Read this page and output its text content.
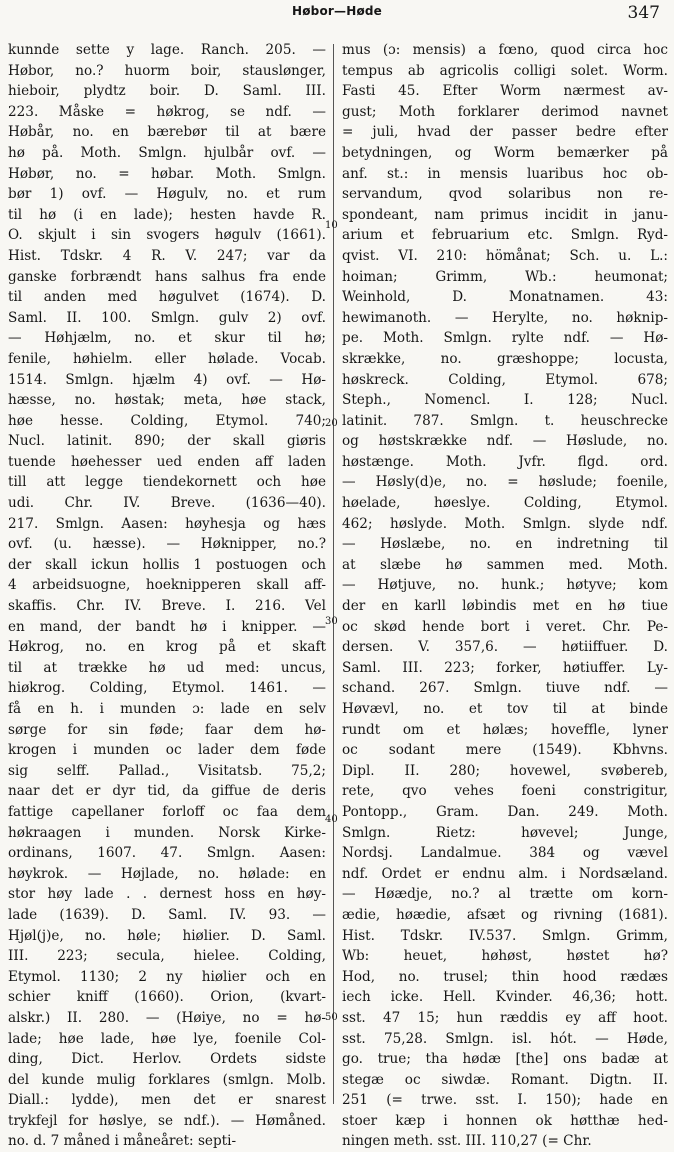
Høbor—Høde	347
kunnde sette y lage. Ranch. 205. —
Høbor, no.? huorm boir, stauslønger,
hieboir, plydtz boir. D. Saml. III.
223. Måske = høkrog, se ndf. —
Høbår, no. en bærebør til at bære
hø på. Moth. Smlgn. hjulbår ovf. —
Høbør, no. = høbar. Moth. Smlgn.
bør 1) ovf. — Høgulv, no. et rum
til hø (i en lade); hesten havde R.
O. skjult i sin svogers høgulv (1661).
Hist. Tdskr. 4 R. V. 247; var da
ganske forbrændt hans salhus fra ende
til anden med høgulvet (1674). D.
Saml. II. 100. Smlgn. gulv 2) ovf.
— Høhjælm, no. et skur til hø;
fenile, høhielm. eller hølade. Vocab.
1514. Smlgn. hjælm 4) ovf. — Hø-
hæsse, no. høstak; meta, høe stack,
høe hesse. Colding, Etymol. 740;
Nucl. latinit. 890; der skall giøris
tuende høehesser ued enden aff laden
till att legge tiendekornett och høe
udi. Chr. IV. Breve. (1636—40).
217. Smlgn. Aasen: høyhesja og hæs
ovf. (u. hæsse). — Høknipper, no.?
der skall ickun hollis 1 postuogen och
4 arbeidsuogne, hoeknipperen skall aff-
skaffis. Chr. IV. Breve. I. 216. Vel
en mand, der bandt hø i knipper. —
Høkrog, no. en krog på et skaft
til at trække hø ud med: uncus,
hiøkrog. Colding, Etymol. 1461. —
få en h. i munden ɔ: lade en selv
sørge for sin føde; faar dem hø-
krogen i munden oc lader dem føde
sig selff. Pallad., Visitatsb. 75,2;
naar det er dyr tid, da giffue de deris
fattige capellaner forloff oc faa dem
høkraagen i munden. Norsk Kirke-
ordinans, 1607. 47. Smlgn. Aasen:
høykrok. — Højlade, no. hølade: en
stor høy lade . . dernest hoss en høy-
lade (1639). D. Saml. IV. 93. —
Hjøl(j)e, no. høle; hiølier. D. Saml.
III. 223; secula, hielee. Colding,
Etymol. 1130; 2 ny hiølier och en
schier kniff (1660). Orion, (kvart-
alskr.) II. 280. — (Høiye, no = hø-
lade; høe lade, høe lye, foenile Col-
ding, Dict. Herlov. Ordets sidste
del kunde mulig forklares (smlgn. Molb.
Diall.: lydde), men det er snarest
trykfejl for høslye, se ndf.). — Hømåned.
no. d. 7 måned i måneåret: septi-
mus (ɔ: mensis) a fœno, quod circa hoc
tempus ab agricolis colligi solet. Worm.
Fasti 45. Efter Worm nærmest av-
gust; Moth forklarer derimod navnet
= juli, hvad der passer bedre efter
betydningen, og Worm bemærker på
anf. st.: in mensis luaribus hoc ob-
servandum, qvod solaribus non re-
spondeant, nam primus incidit in janu-
arium et februarium etc. Smlgn. Ryd-
qvist. VI. 210: hömånat; Sch. u. L.:
hoiman; Grimm, Wb.: heumonat;
Weinhold, D. Monatnamen. 43:
hewimanoth. — Herylte, no. høknip-
pe. Moth. Smlgn. rylte ndf. — Hø-
skrække, no. græshoppe; locusta,
høskreck. Colding, Etymol. 678;
Steph., Nomencl. I. 128; Nucl.
latinit. 787. Smlgn. t. heuschrecke
og høstskrække ndf. — Høslude, no.
høstænge. Moth. Jvfr. flgd. ord.
— Høsly(d)e, no. = høslude; foenile,
høelade, høeslye. Colding, Etymol.
462; høslyde. Moth. Smlgn. slyde ndf.
— Høslæbe, no. en indretning til
at slæbe hø sammen med. Moth.
— Høtjuve, no. hunk.; høtyve; kom
der en karll løbindis met en hø tiue
oc skød hende bort i veret. Chr. Pe-
dersen. V. 357,6. — høtiiffuer. D.
Saml. III. 223; forker, høtiuffer. Ly-
schand. 267. Smlgn. tiuve ndf. —
Høvævl, no. et tov til at binde
rundt om et hølæs; hoveffle, lyner
oc sodant mere (1549). Kbhvns.
Dipl. II. 280; hovewel, svøbereb,
rete, qvo vehes foeni constrigitur,
Pontopp., Gram. Dan. 249. Moth.
Smlgn. Rietz: høvevel; Junge,
Nordsj. Landalmue. 384 og vævel
ndf. Ordet er endnu alm. i Nordsæland.
— Høædje, no.? al trætte om korn-
ædie, høædie, afsæt og rivning (1681).
Hist. Tdskr. IV.537. Smlgn. Grimm,
Wb: heuet, høhøst, høstet hø?
Hod, no. trusel; thin hood rædæs
iech icke. Hell. Kvinder. 46,36; hott.
sst. 47 15; hun ræddis ey aff hoot.
sst. 75,28. Smlgn. isl. hót. — Høde,
go. true; tha hødæ [the] ons badæ at
stegæ oc siwdæ. Romant. Digtn. II.
251 (= trwe. sst. I. 150); hade en
stoer kæp i honnen ok høtthæ hed-
ningen meth. sst. III. 110,27 (= Chr.
10
20
30
40
50
